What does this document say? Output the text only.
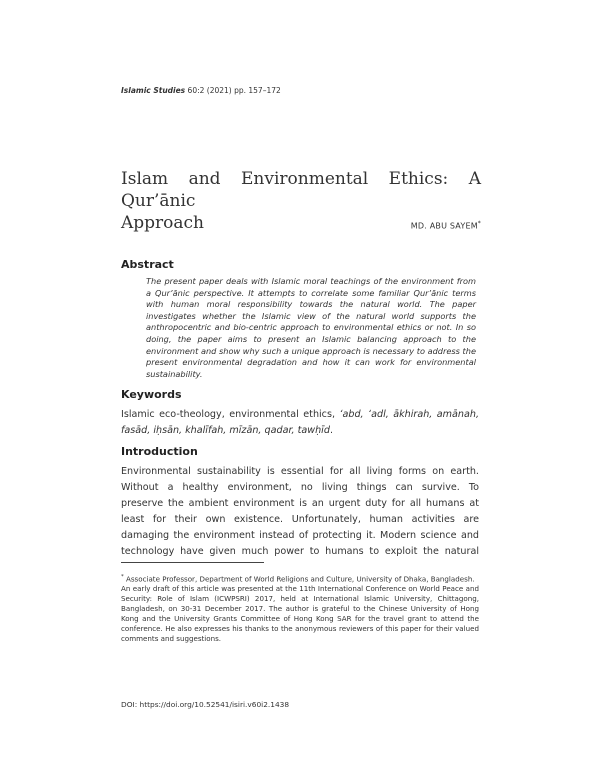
Islamic Studies 60:2 (2021) pp. 157–172
Islam and Environmental Ethics: A Qur’ānic
Approach	MD. ABU SAYEM*
Abstract
The present paper deals with Islamic moral teachings of the environment from a Qur’ānic perspective. It attempts to correlate some familiar Qur’ānic terms with human moral responsibility towards the natural world. The paper investigates whether the Islamic view of the natural world supports the anthropocentric and bio-centric approach to environmental ethics or not. In so doing, the paper aims to present an Islamic balancing approach to the environment and show why such a unique approach is necessary to address the present environmental degradation and how it can work for environmental sustainability.
Keywords
Islamic eco-theology, environmental ethics, ʻabd, ʻadl, ākhirah, amānah, fasād, iḥsān, khalīfah, mīzān, qadar, tawḥīd.
Introduction
Environmental sustainability is essential for all living forms on earth.
Without a healthy environment, no living things can survive. To
preserve the ambient environment is an urgent duty for all humans at
least for their own existence. Unfortunately, human activities are
damaging the environment instead of protecting it. Modern science and
technology have given much power to humans to exploit the natural
* Associate Professor, Department of World Religions and Culture, University of Dhaka, Bangladesh.
An early draft of this article was presented at the 11th International Conference on World Peace and Security: Role of Islam (ICWPSRI) 2017, held at International Islamic University, Chittagong, Bangladesh, on 30-31 December 2017. The author is grateful to the Chinese University of Hong Kong and the University Grants Committee of Hong Kong SAR for the travel grant to attend the conference. He also expresses his thanks to the anonymous reviewers of this paper for their valued comments and suggestions.
DOI: https://doi.org/10.52541/isiri.v60i2.1438
